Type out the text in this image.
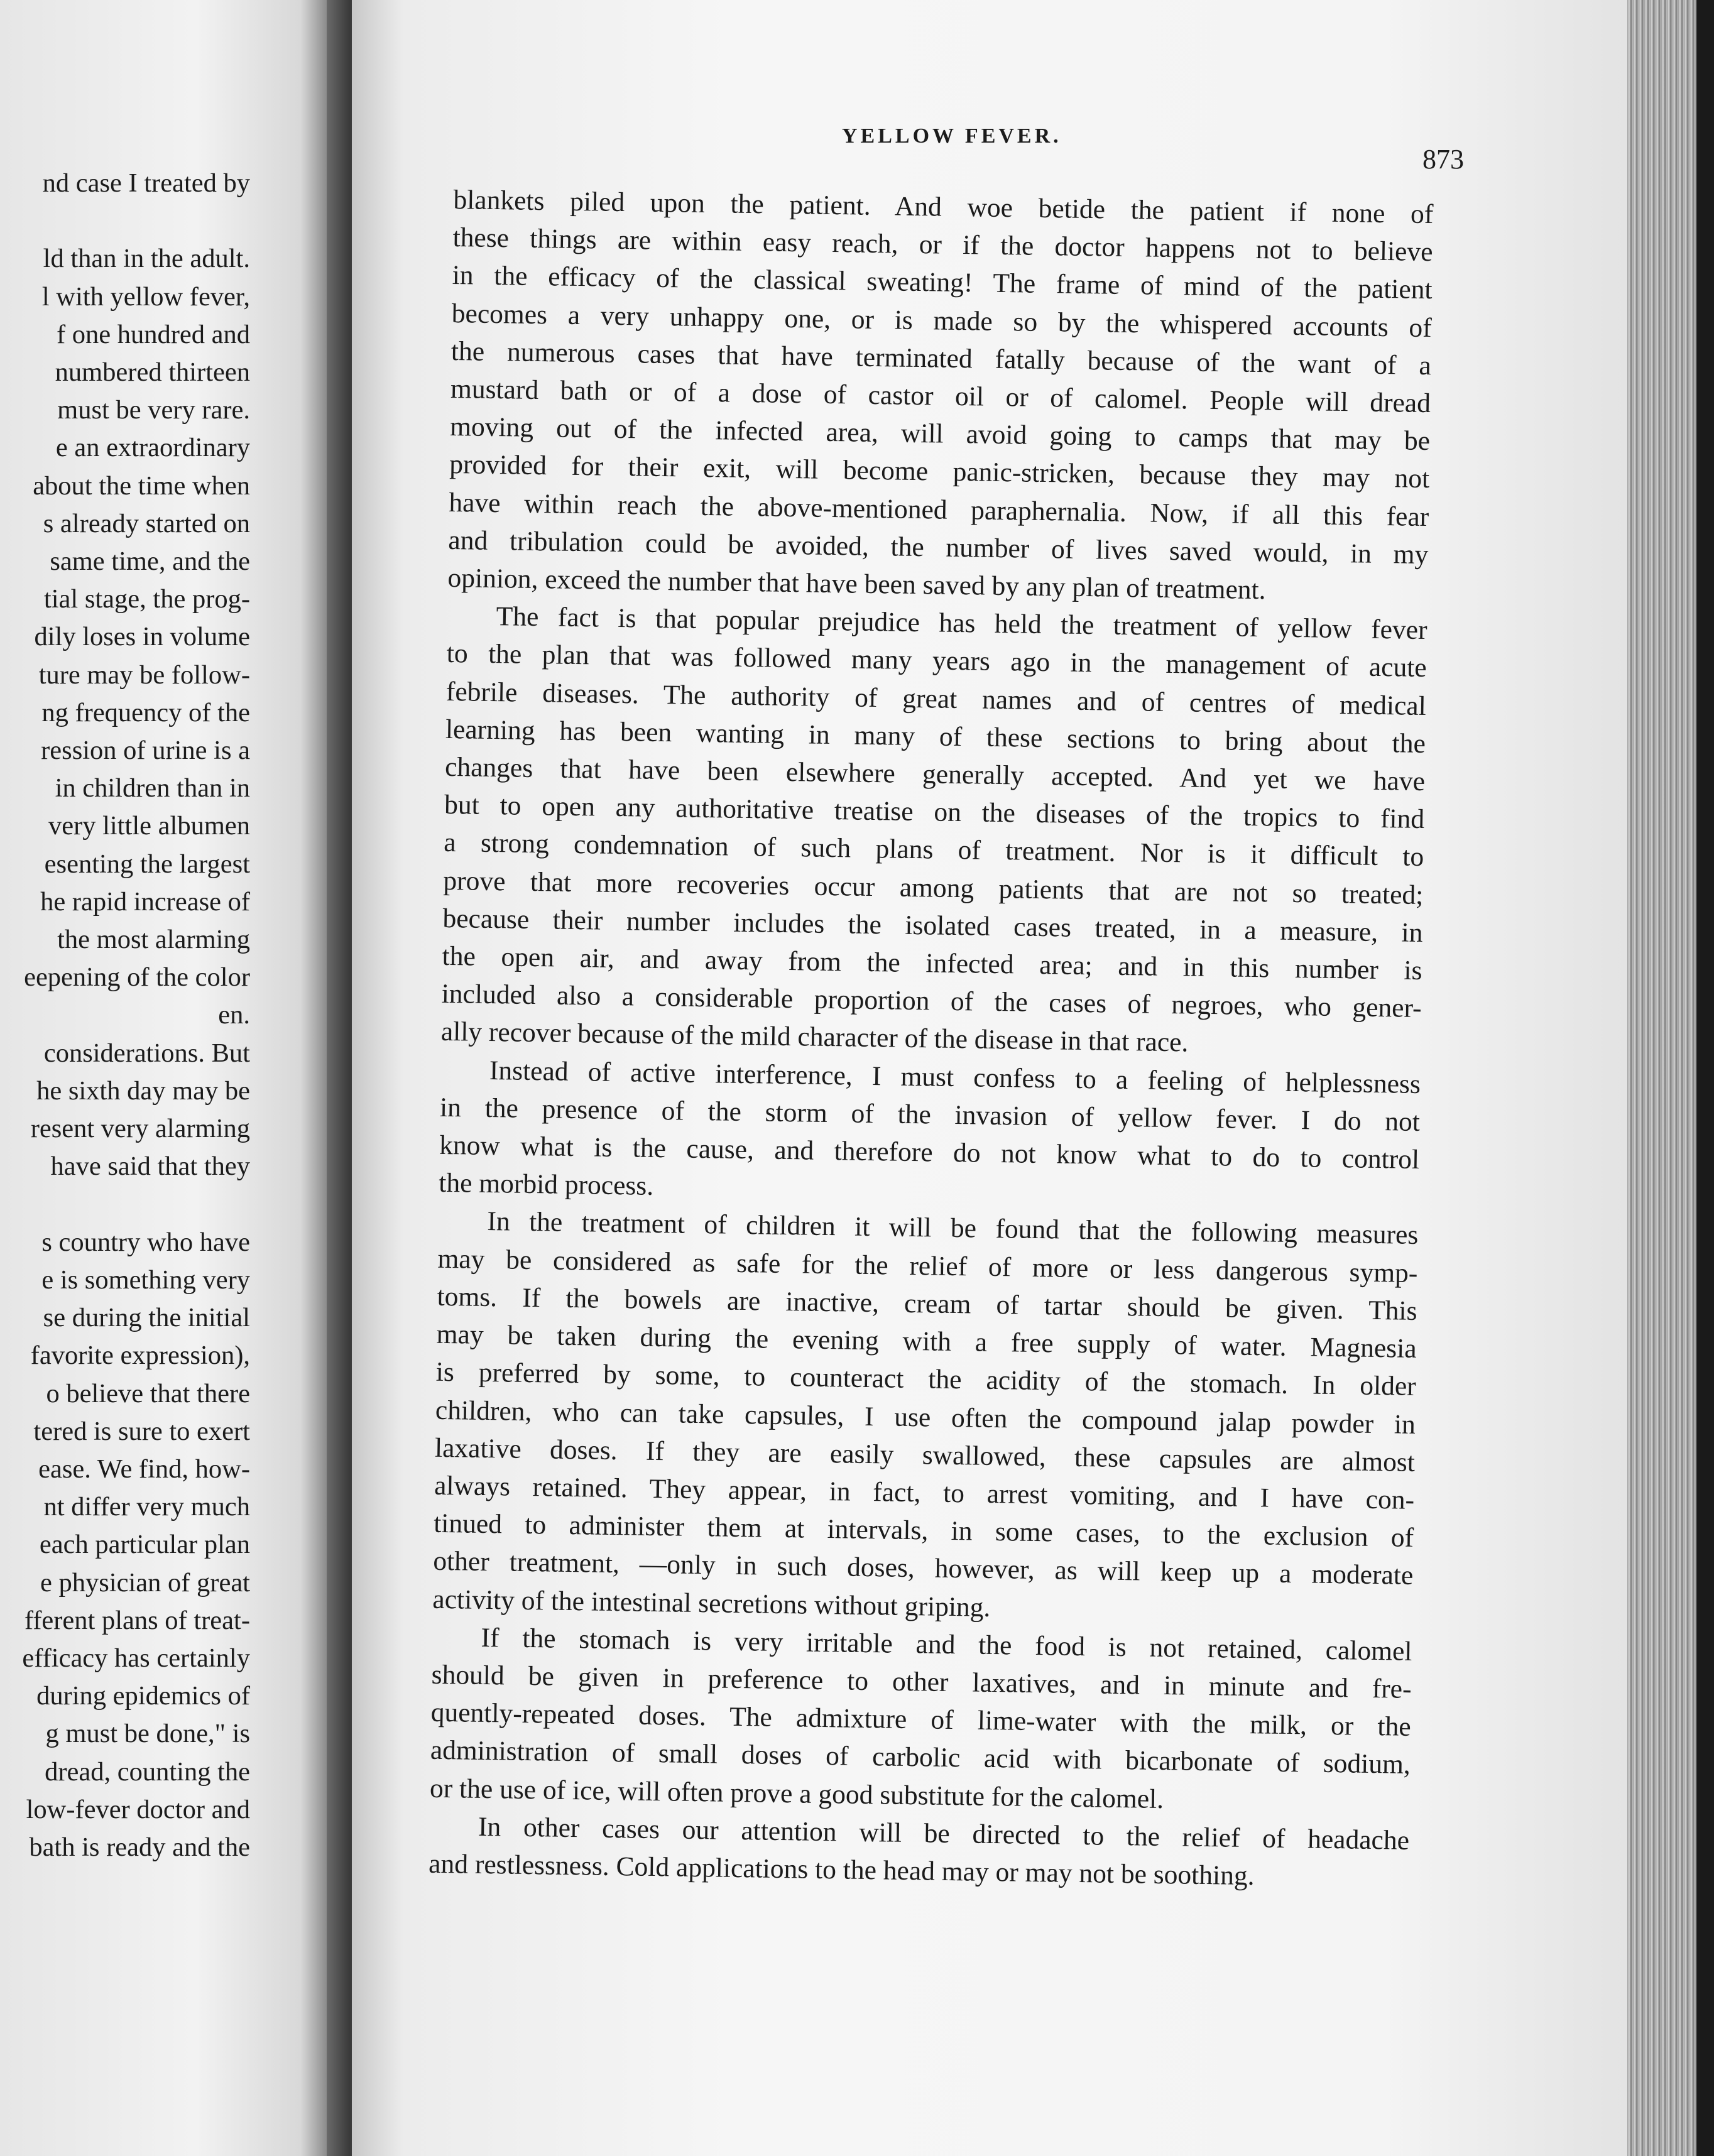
nd case I treated by

ld than in the adult.
l with yellow fever,
f one hundred and
numbered thirteen
must be very rare.
e an extraordinary
about the time when
s already started on
same time, and the
tial stage, the prog-
dily loses in volume
ture may be follow-
ng frequency of the
ression of urine is a
in children than in
very little albumen
esenting the largest
he rapid increase of
the most alarming
eepening of the color
en.
considerations. But
he sixth day may be
resent very alarming
have said that they

s country who have
e is something very
se during the initial
favorite expression),
o believe that there
tered is sure to exert
ease. We find, how-
nt differ very much
each particular plan
e physician of great
fferent plans of treat-
efficacy has certainly
during epidemics of
g must be done," is
dread, counting the
low-fever doctor and
bath is ready and the
YELLOW FEVER.
873
blankets piled upon the patient. And woe betide the patient if none of
these things are within easy reach, or if the doctor happens not to believe
in the efficacy of the classical sweating! The frame of mind of the patient
becomes a very unhappy one, or is made so by the whispered accounts of
the numerous cases that have terminated fatally because of the want of a
mustard bath or of a dose of castor oil or of calomel. People will dread
moving out of the infected area, will avoid going to camps that may be
provided for their exit, will become panic-stricken, because they may not
have within reach the above-mentioned paraphernalia. Now, if all this fear
and tribulation could be avoided, the number of lives saved would, in my
opinion, exceed the number that have been saved by any plan of treatment.
The fact is that popular prejudice has held the treatment of yellow fever
to the plan that was followed many years ago in the management of acute
febrile diseases. The authority of great names and of centres of medical
learning has been wanting in many of these sections to bring about the
changes that have been elsewhere generally accepted. And yet we have
but to open any authoritative treatise on the diseases of the tropics to find
a strong condemnation of such plans of treatment. Nor is it difficult to
prove that more recoveries occur among patients that are not so treated;
because their number includes the isolated cases treated, in a measure, in
the open air, and away from the infected area; and in this number is
included also a considerable proportion of the cases of negroes, who gener-
ally recover because of the mild character of the disease in that race.
Instead of active interference, I must confess to a feeling of helplessness
in the presence of the storm of the invasion of yellow fever. I do not
know what is the cause, and therefore do not know what to do to control
the morbid process.
In the treatment of children it will be found that the following measures
may be considered as safe for the relief of more or less dangerous symp-
toms. If the bowels are inactive, cream of tartar should be given. This
may be taken during the evening with a free supply of water. Magnesia
is preferred by some, to counteract the acidity of the stomach. In older
children, who can take capsules, I use often the compound jalap powder in
laxative doses. If they are easily swallowed, these capsules are almost
always retained. They appear, in fact, to arrest vomiting, and I have con-
tinued to administer them at intervals, in some cases, to the exclusion of
other treatment, —only in such doses, however, as will keep up a moderate
activity of the intestinal secretions without griping.
If the stomach is very irritable and the food is not retained, calomel
should be given in preference to other laxatives, and in minute and fre-
quently-repeated doses. The admixture of lime-water with the milk, or the
administration of small doses of carbolic acid with bicarbonate of sodium,
or the use of ice, will often prove a good substitute for the calomel.
In other cases our attention will be directed to the relief of headache
and restlessness. Cold applications to the head may or may not be soothing.
